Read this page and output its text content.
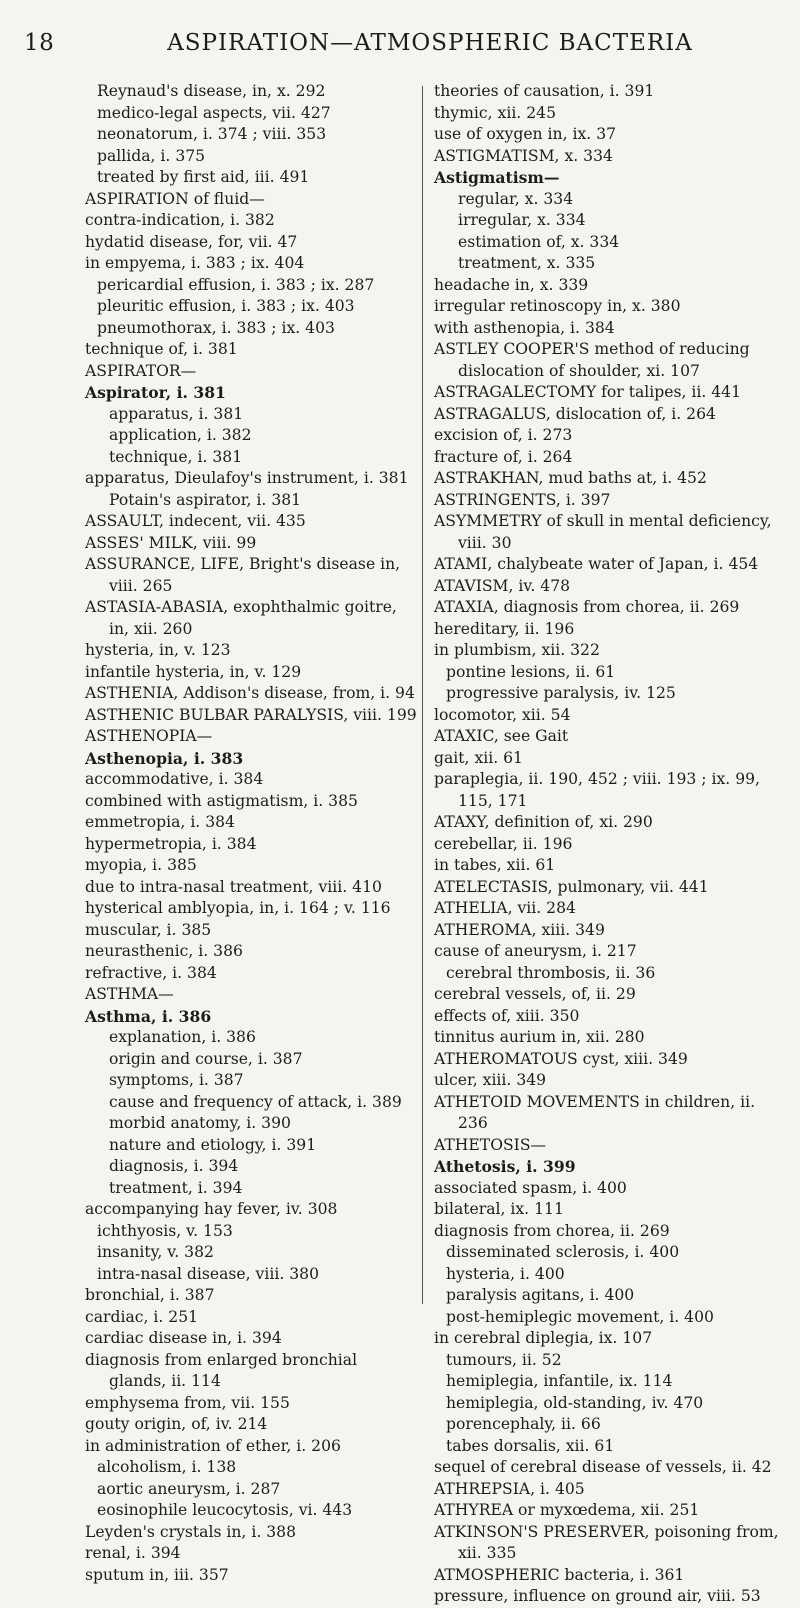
18	ASPIRATION—ATMOSPHERIC BACTERIA
Reynaud's disease, in, x. 292
medico-legal aspects, vii. 427
neonatorum, i. 374 ; viii. 353
pallida, i. 375
treated by first aid, iii. 491
ASPIRATION of fluid—
contra-indication, i. 382
hydatid disease, for, vii. 47
in empyema, i. 383 ; ix. 404
pericardial effusion, i. 383 ; ix. 287
pleuritic effusion, i. 383 ; ix. 403
pneumothorax, i. 383 ; ix. 403
technique of, i. 381
ASPIRATOR—
Aspirator, i. 381
apparatus, i. 381
application, i. 382
technique, i. 381
apparatus, Dieulafoy's instrument, i. 381
Potain's aspirator, i. 381
ASSAULT, indecent, vii. 435
ASSES' MILK, viii. 99
ASSURANCE, LIFE, Bright's disease in, viii. 265
ASTASIA-ABASIA, exophthalmic goitre, in, xii. 260
hysteria, in, v. 123
infantile hysteria, in, v. 129
ASTHENIA, Addison's disease, from, i. 94
ASTHENIC BULBAR PARALYSIS, viii. 199
ASTHENOPIA—
Asthenopia, i. 383
accommodative, i. 384
combined with astigmatism, i. 385
emmetropia, i. 384
hypermetropia, i. 384
myopia, i. 385
due to intra-nasal treatment, viii. 410
hysterical amblyopia, in, i. 164 ; v. 116
muscular, i. 385
neurasthenic, i. 386
refractive, i. 384
ASTHMA—
Asthma, i. 386
explanation, i. 386
origin and course, i. 387
symptoms, i. 387
cause and frequency of attack, i. 389
morbid anatomy, i. 390
nature and etiology, i. 391
diagnosis, i. 394
treatment, i. 394
accompanying hay fever, iv. 308
ichthyosis, v. 153
insanity, v. 382
intra-nasal disease, viii. 380
bronchial, i. 387
cardiac, i. 251
cardiac disease in, i. 394
diagnosis from enlarged bronchial glands, ii. 114
emphysema from, vii. 155
gouty origin, of, iv. 214
in administration of ether, i. 206
alcoholism, i. 138
aortic aneurysm, i. 287
eosinophile leucocytosis, vi. 443
Leyden's crystals in, i. 388
renal, i. 394
sputum in, iii. 357
theories of causation, i. 391
thymic, xii. 245
use of oxygen in, ix. 37
ASTIGMATISM, x. 334
Astigmatism—
regular, x. 334
irregular, x. 334
estimation of, x. 334
treatment, x. 335
headache in, x. 339
irregular retinoscopy in, x. 380
with asthenopia, i. 384
ASTLEY COOPER'S method of reducing dislocation of shoulder, xi. 107
ASTRAGALECTOMY for talipes, ii. 441
ASTRAGALUS, dislocation of, i. 264
excision of, i. 273
fracture of, i. 264
ASTRAKHAN, mud baths at, i. 452
ASTRINGENTS, i. 397
ASYMMETRY of skull in mental deficiency, viii. 30
ATAMI, chalybeate water of Japan, i. 454
ATAVISM, iv. 478
ATAXIA, diagnosis from chorea, ii. 269
hereditary, ii. 196
in plumbism, xii. 322
pontine lesions, ii. 61
progressive paralysis, iv. 125
locomotor, xii. 54
ATAXIC, see Gait
gait, xii. 61
paraplegia, ii. 190, 452 ; viii. 193 ; ix. 99, 115, 171
ATAXY, definition of, xi. 290
cerebellar, ii. 196
in tabes, xii. 61
ATELECTASIS, pulmonary, vii. 441
ATHELIA, vii. 284
ATHEROMA, xiii. 349
cause of aneurysm, i. 217
cerebral thrombosis, ii. 36
cerebral vessels, of, ii. 29
effects of, xiii. 350
tinnitus aurium in, xii. 280
ATHEROMATOUS cyst, xiii. 349
ulcer, xiii. 349
ATHETOID MOVEMENTS in children, ii. 236
ATHETOSIS—
Athetosis, i. 399
associated spasm, i. 400
bilateral, ix. 111
diagnosis from chorea, ii. 269
disseminated sclerosis, i. 400
hysteria, i. 400
paralysis agitans, i. 400
post-hemiplegic movement, i. 400
in cerebral diplegia, ix. 107
tumours, ii. 52
hemiplegia, infantile, ix. 114
hemiplegia, old-standing, iv. 470
porencephaly, ii. 66
tabes dorsalis, xii. 61
sequel of cerebral disease of vessels, ii. 42
ATHREPSIA, i. 405
ATHYREA or myxœdema, xii. 251
ATKINSON'S PRESERVER, poisoning from, xii. 335
ATMOSPHERIC bacteria, i. 361
pressure, influence on ground air, viii. 53
